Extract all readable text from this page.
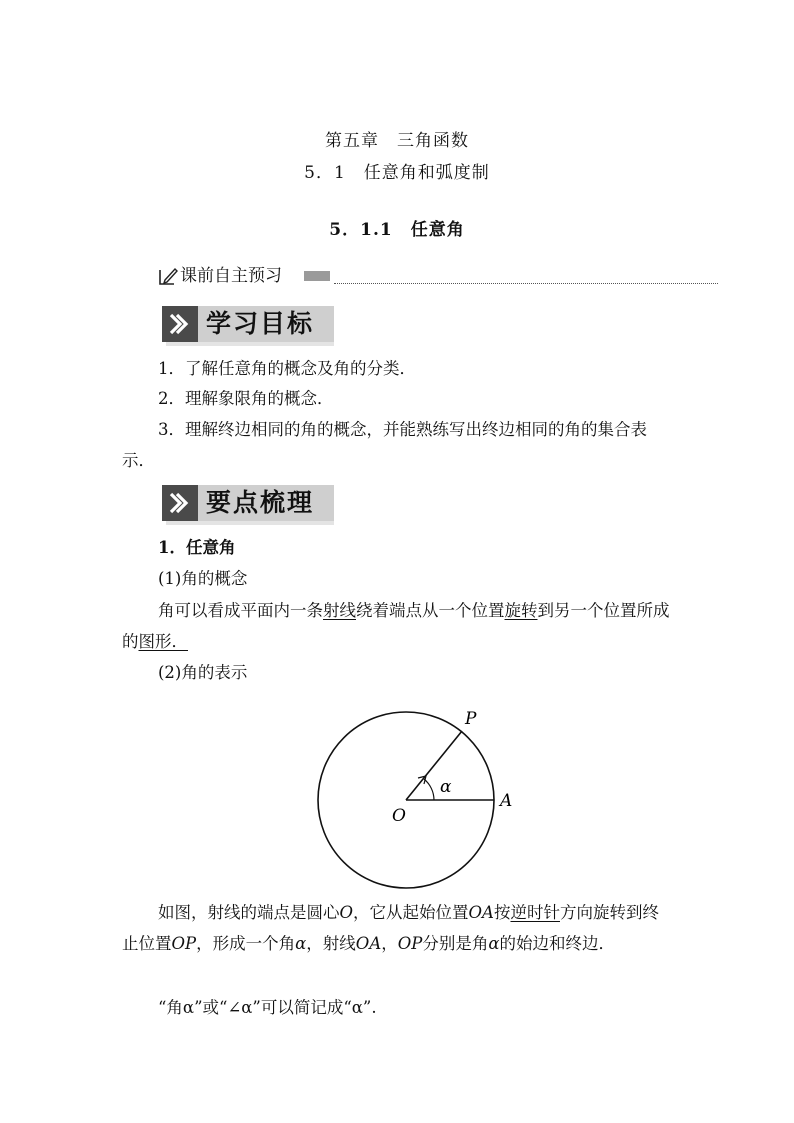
第五章　三角函数
5．1　任意角和弧度制
5．1.1　任意角
课前自主预习
学习目标
1．了解任意角的概念及角的分类．
2．理解象限角的概念．
3．理解终边相同的角的概念，并能熟练写出终边相同的角的集合表示．
要点梳理
1．任意角
(1)角的概念
角可以看成平面内一条射线绕着端点从一个位置旋转到另一个位置所成的图形．
(2)角的表示
P
A
O
α
如图，射线的端点是圆心O，它从起始位置OA按逆时针方向旋转到终止位置OP，形成一个角α，射线OA，OP分别是角α的始边和终边．
“角α”或“∠α”可以简记成“α”.
